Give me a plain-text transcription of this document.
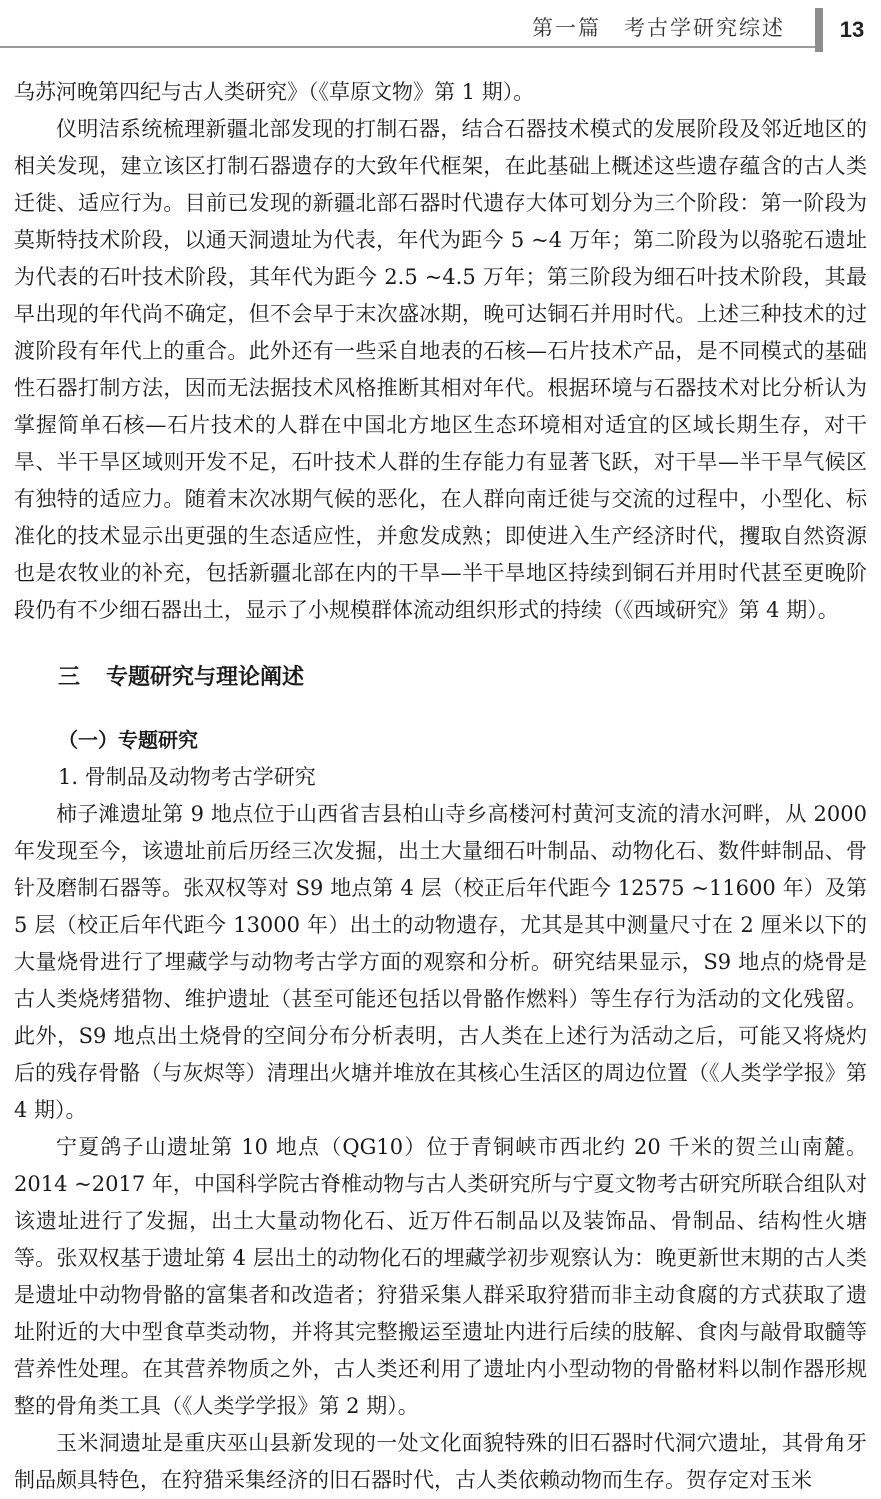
第一篇　考古学研究综述	13

乌苏河晚第四纪与古人类研究》（《草原文物》第 1 期）。

仪明洁系统梳理新疆北部发现的打制石器，结合石器技术模式的发展阶段及邻近地区的相关发现，建立该区打制石器遗存的大致年代框架，在此基础上概述这些遗存蕴含的古人类迁徙、适应行为。目前已发现的新疆北部石器时代遗存大体可划分为三个阶段：第一阶段为莫斯特技术阶段，以通天洞遗址为代表，年代为距今 5 ~4 万年；第二阶段为以骆驼石遗址为代表的石叶技术阶段，其年代为距今 2.5 ~4.5 万年；第三阶段为细石叶技术阶段，其最早出现的年代尚不确定，但不会早于末次盛冰期，晚可达铜石并用时代。上述三种技术的过渡阶段有年代上的重合。此外还有一些采自地表的石核—石片技术产品，是不同模式的基础性石器打制方法，因而无法据技术风格推断其相对年代。根据环境与石器技术对比分析认为掌握简单石核—石片技术的人群在中国北方地区生态环境相对适宜的区域长期生存，对干旱、半干旱区域则开发不足，石叶技术人群的生存能力有显著飞跃，对干旱—半干旱气候区有独特的适应力。随着末次冰期气候的恶化，在人群向南迁徙与交流的过程中，小型化、标准化的技术显示出更强的生态适应性，并愈发成熟；即使进入生产经济时代，攫取自然资源也是农牧业的补充，包括新疆北部在内的干旱—半干旱地区持续到铜石并用时代甚至更晚阶段仍有不少细石器出土，显示了小规模群体流动组织形式的持续（《西域研究》第 4 期）。

三 专题研究与理论阐述
（一）专题研究

1. 骨制品及动物考古学研究

柿子滩遗址第 9 地点位于山西省吉县柏山寺乡高楼河村黄河支流的清水河畔，从 2000 年发现至今，该遗址前后历经三次发掘，出土大量细石叶制品、动物化石、数件蚌制品、骨针及磨制石器等。张双权等对 S9 地点第 4 层（校正后年代距今 12575 ~11600 年）及第 5 层（校正后年代距今 13000 年）出土的动物遗存，尤其是其中测量尺寸在 2 厘米以下的大量烧骨进行了埋藏学与动物考古学方面的观察和分析。研究结果显示，S9 地点的烧骨是古人类烧烤猎物、维护遗址（甚至可能还包括以骨骼作燃料）等生存行为活动的文化残留。此外，S9 地点出土烧骨的空间分布分析表明，古人类在上述行为活动之后，可能又将烧灼后的残存骨骼（与灰烬等）清理出火塘并堆放在其核心生活区的周边位置（《人类学学报》第 4 期）。

宁夏鸽子山遗址第 10 地点（QG10）位于青铜峡市西北约 20 千米的贺兰山南麓。2014 ~2017 年，中国科学院古脊椎动物与古人类研究所与宁夏文物考古研究所联合组队对该遗址进行了发掘，出土大量动物化石、近万件石制品以及装饰品、骨制品、结构性火塘等。张双权基于遗址第 4 层出土的动物化石的埋藏学初步观察认为：晚更新世末期的古人类是遗址中动物骨骼的富集者和改造者；狩猎采集人群采取狩猎而非主动食腐的方式获取了遗址附近的大中型食草类动物，并将其完整搬运至遗址内进行后续的肢解、食肉与敲骨取髓等营养性处理。在其营养物质之外，古人类还利用了遗址内小型动物的骨骼材料以制作器形规整的骨角类工具（《人类学学报》第 2 期）。

玉米洞遗址是重庆巫山县新发现的一处文化面貌特殊的旧石器时代洞穴遗址，其骨角牙制品颇具特色，在狩猎采集经济的旧石器时代，古人类依赖动物而生存。贺存定对玉米
